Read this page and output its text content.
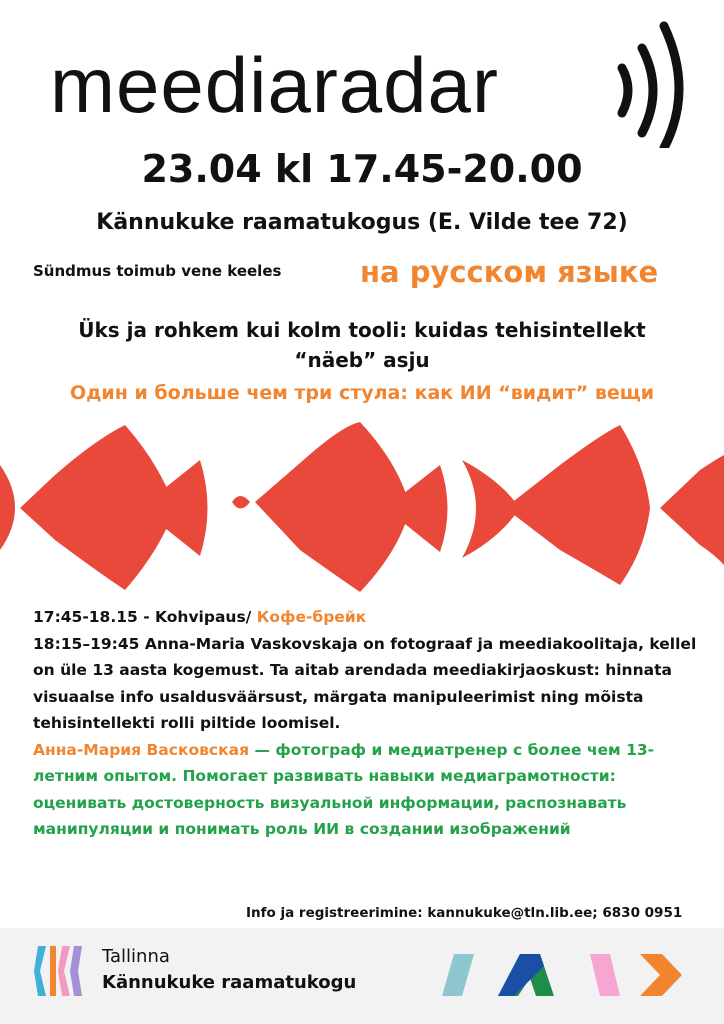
meediaradar
23.04 kl 17.45-20.00
Kännukuke raamatukogus (E. Vilde tee 72)
Sündmus toimub vene keeles	на русском языке
Üks ja rohkem kui kolm tooli: kuidas tehisintellekt “näeb” asju
Один и больше чем три стула: как ИИ “видит” вещи
17:45-18.15 - Kohvipaus/ Кофе-брейк
18:15–19:45 Anna-Maria Vaskovskaja on fotograaf ja meediakoolitaja, kellel on üle 13 aasta kogemust. Ta aitab arendada meediakirjaoskust: hinnata visuaalse info usaldusväärsust, märgata manipuleerimist ning mõista tehisintellekti rolli piltide loomisel.
Анна-Мария Васковская — фотограф и медиатренер с более чем 13-летним опытом. Помогает развивать навыки медиаграмотности: оценивать достоверность визуальной информации, распознавать манипуляции и понимать роль ИИ в создании изображений
Info ja registreerimine: kannukuke@tln.lib.ee; 6830 0951
Tallinna
Kännukuke raamatukogu
